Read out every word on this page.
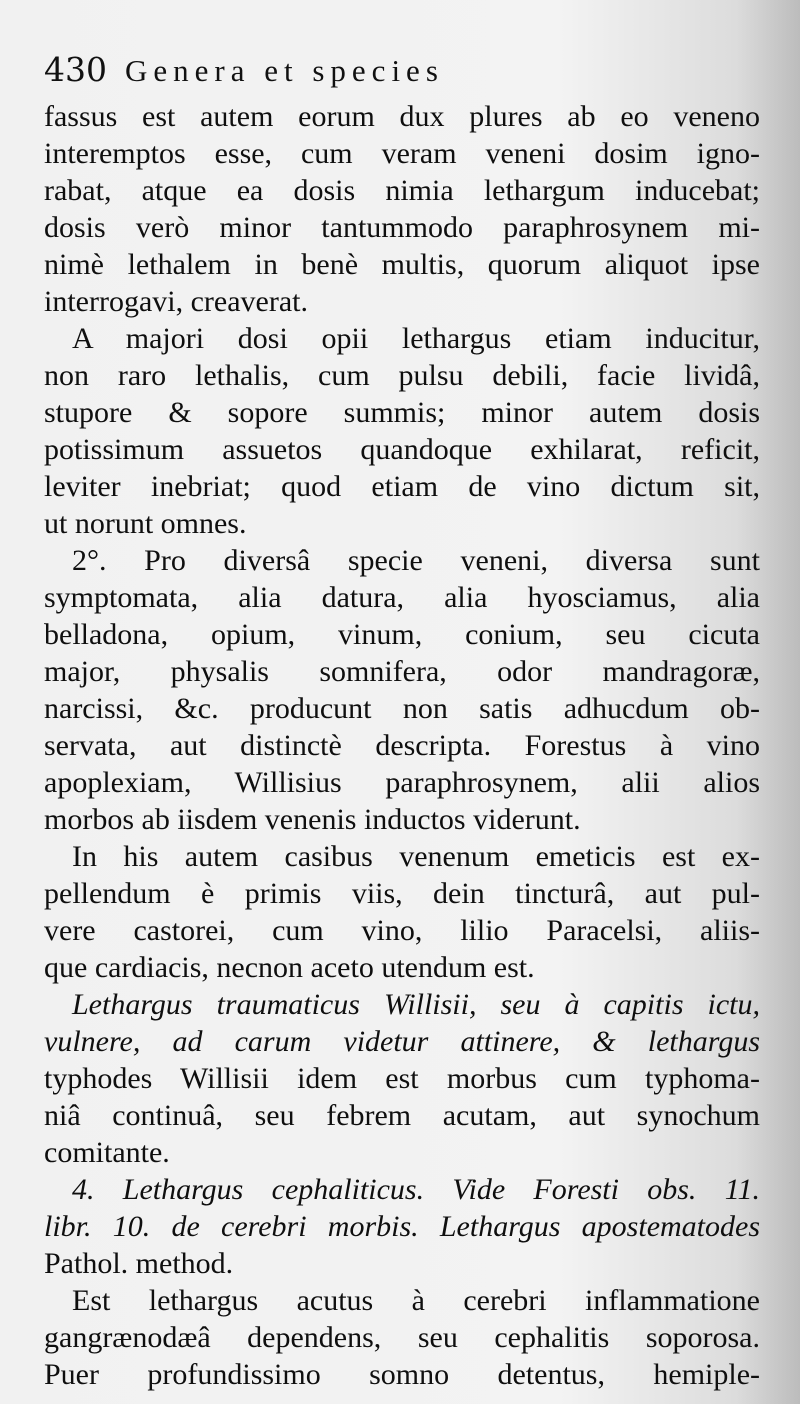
430 Genera et species
fassus est autem eorum dux plures ab eo veneno
interemptos esse, cum veram veneni dosim igno-
rabat, atque ea dosis nimia lethargum inducebat;
dosis verò minor tantummodo paraphrosynem mi-
nimè lethalem in benè multis, quorum aliquot ipse
interrogavi, creaverat.
A majori dosi opii lethargus etiam inducitur,
non raro lethalis, cum pulsu debili, facie lividâ,
stupore & sopore summis; minor autem dosis
potissimum assuetos quandoque exhilarat, reficit,
leviter inebriat; quod etiam de vino dictum sit,
ut norunt omnes.
2°. Pro diversâ specie veneni, diversa sunt
symptomata, alia datura, alia hyosciamus, alia
belladona, opium, vinum, conium, seu cicuta
major, physalis somnifera, odor mandragoræ,
narcissi, &c. producunt non satis adhucdum ob-
servata, aut distinctè descripta. Forestus à vino
apoplexiam, Willisius paraphrosynem, alii alios
morbos ab iisdem venenis inductos viderunt.
In his autem casibus venenum emeticis est ex-
pellendum è primis viis, dein tincturâ, aut pul-
vere castorei, cum vino, lilio Paracelsi, aliis-
que cardiacis, necnon aceto utendum est.
Lethargus traumaticus Willisii, seu à capitis ictu,
vulnere, ad carum videtur attinere, & lethargus
typhodes Willisii idem est morbus cum typhoma-
niâ continuâ, seu febrem acutam, aut synochum
comitante.
4. Lethargus cephaliticus. Vide Foresti obs. 11.
libr. 10. de cerebri morbis. Lethargus apostematodes
Pathol. method.
Est lethargus acutus à cerebri inflammatione
gangrænodæâ dependens, seu cephalitis soporosa.
Puer profundissimo somno detentus, hemiple-
